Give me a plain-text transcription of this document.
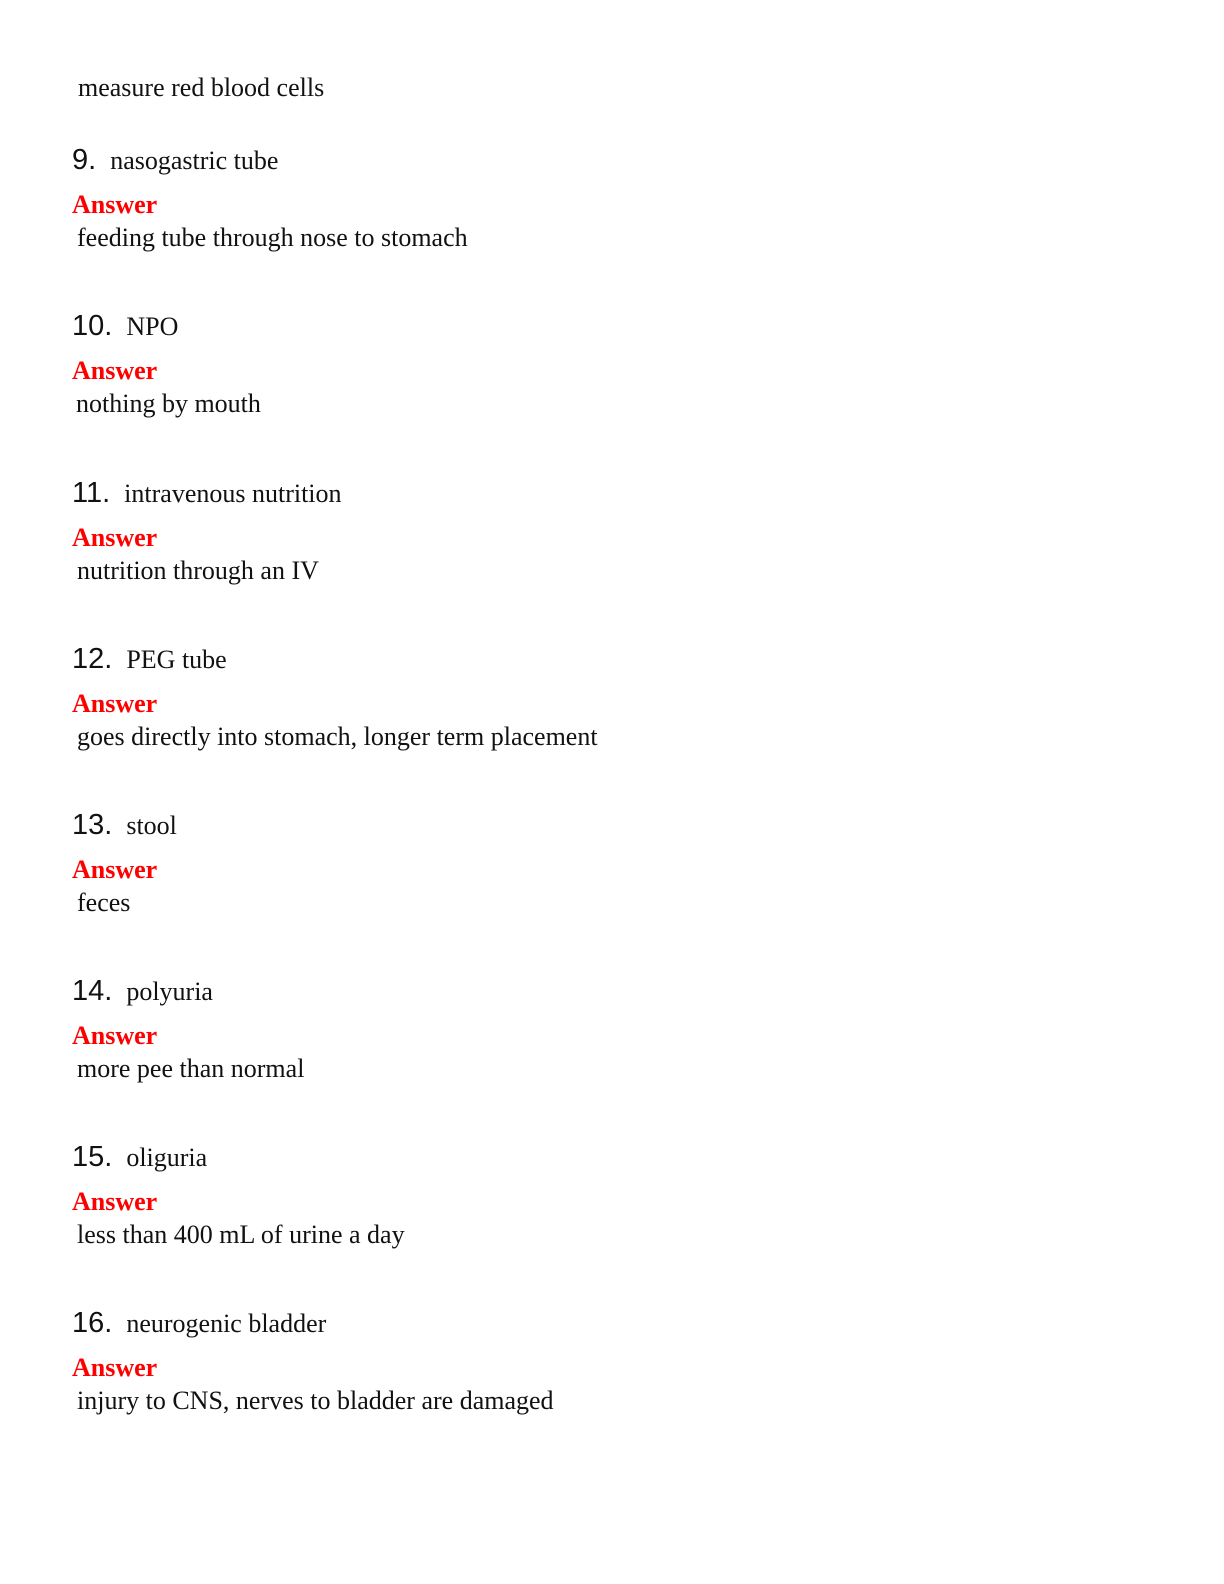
measure red blood cells
9. nasogastric tube
Answer
feeding tube through nose to stomach
10. NPO
Answer
nothing by mouth
11. intravenous nutrition
Answer
nutrition through an IV
12. PEG tube
Answer
goes directly into stomach, longer term placement
13. stool
Answer
feces
14. polyuria
Answer
more pee than normal
15. oliguria
Answer
less than 400 mL of urine a day
16. neurogenic bladder
Answer
injury to CNS, nerves to bladder are damaged
